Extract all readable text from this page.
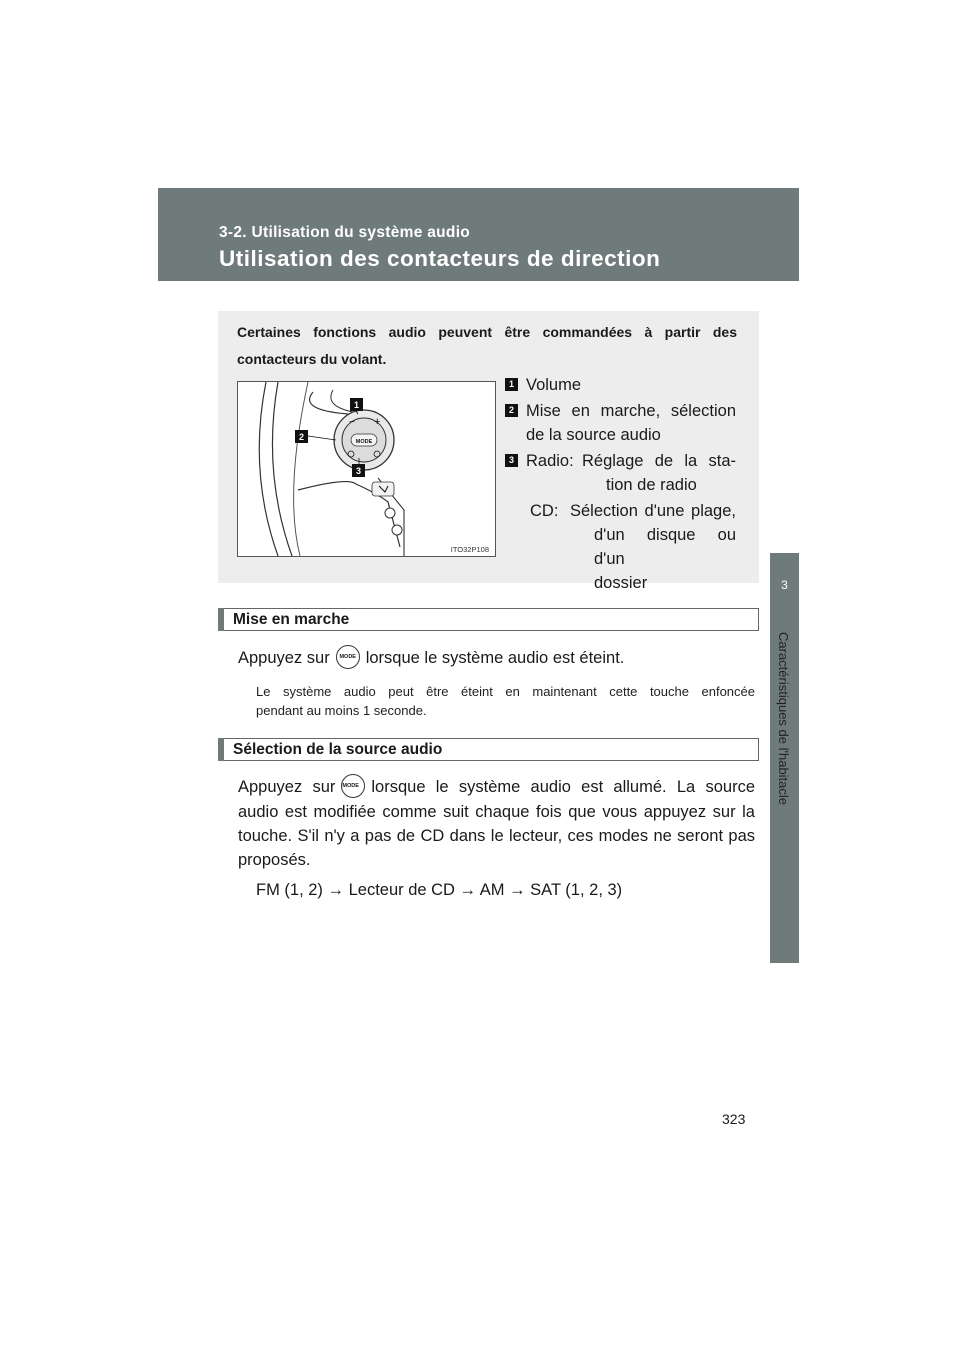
3-2. Utilisation du système audio
Utilisation des contacteurs de direction
3
Caractéristiques de l'habitacle
Certaines fonctions audio peuvent être commandées à partir des
contacteurs du volant.
MODE
− +
2
1
3
ITO32P108
1 Volume
2 Mise en marche, sélection
de la source audio
3 Radio: Réglage de la sta-
tion de radio
CD: Sélection d'une plage,
d'un disque ou d'un
dossier
Mise en marche
Appuyez sur MODE lorsque le système audio est éteint.
Le système audio peut être éteint en maintenant cette touche enfoncée
pendant au moins 1 seconde.
Sélection de la source audio
Appuyez sur MODE lorsque le système audio est allumé. La source
audio est modifiée comme suit chaque fois que vous appuyez sur la
touche. S'il n'y a pas de CD dans le lecteur, ces modes ne seront pas
proposés.
FM (1, 2) → Lecteur de CD → AM → SAT (1, 2, 3)
323
